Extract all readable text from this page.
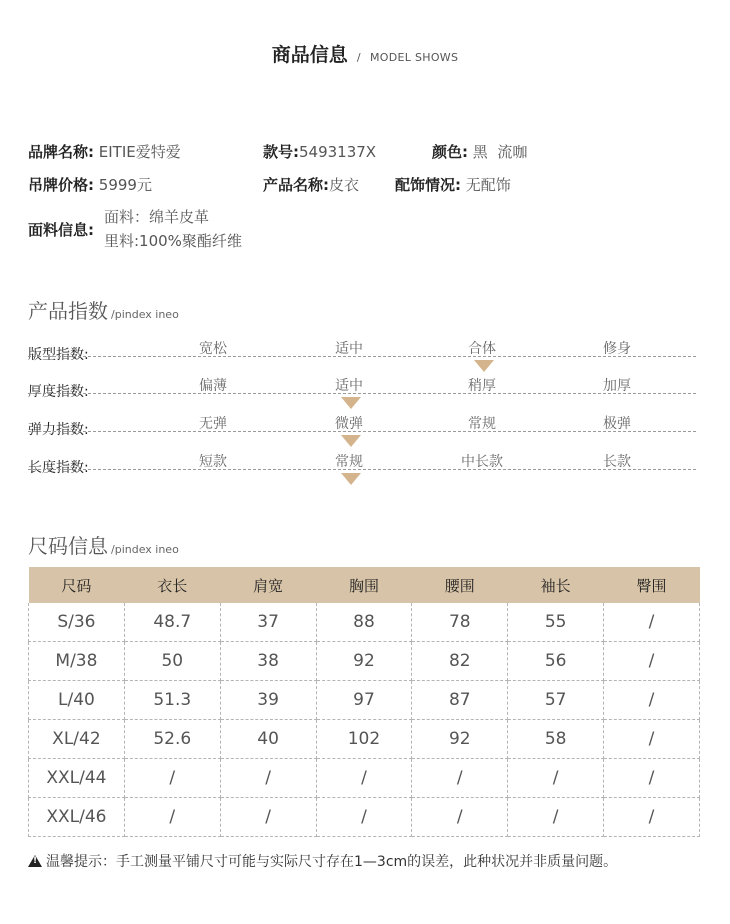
商品信息 / MODEL SHOWS
品牌名称: EITIE爱特爱	款号:5493137X	颜色: 黑  流咖
吊牌价格: 5999元	产品名称:皮衣 配饰情况: 无配饰
面料信息:
面料：绵羊皮革
里料:100%聚酯纤维
产品指数 /pindex ineo
版型指数:	宽松	适中	合体	修身
厚度指数:	偏薄	适中	稍厚	加厚
弹力指数:	无弹	微弹	常规	极弹
长度指数:	短款	常规	中长款	长款
尺码信息 /pindex ineo
尺码	衣长	肩宽	胸围	腰围	袖长	臀围
S/36	48.7	37	88	78	55	/
M/38	50	38	92	82	56	/
L/40	51.3	39	97	87	57	/
XL/42	52.6	40	102	92	58	/
XXL/44	/	/	/	/	/	/
XXL/46	/	/	/	/	/	/
!温馨提示：手工测量平铺尺寸可能与实际尺寸存在1—3cm的误差，此种状况并非质量问题。
